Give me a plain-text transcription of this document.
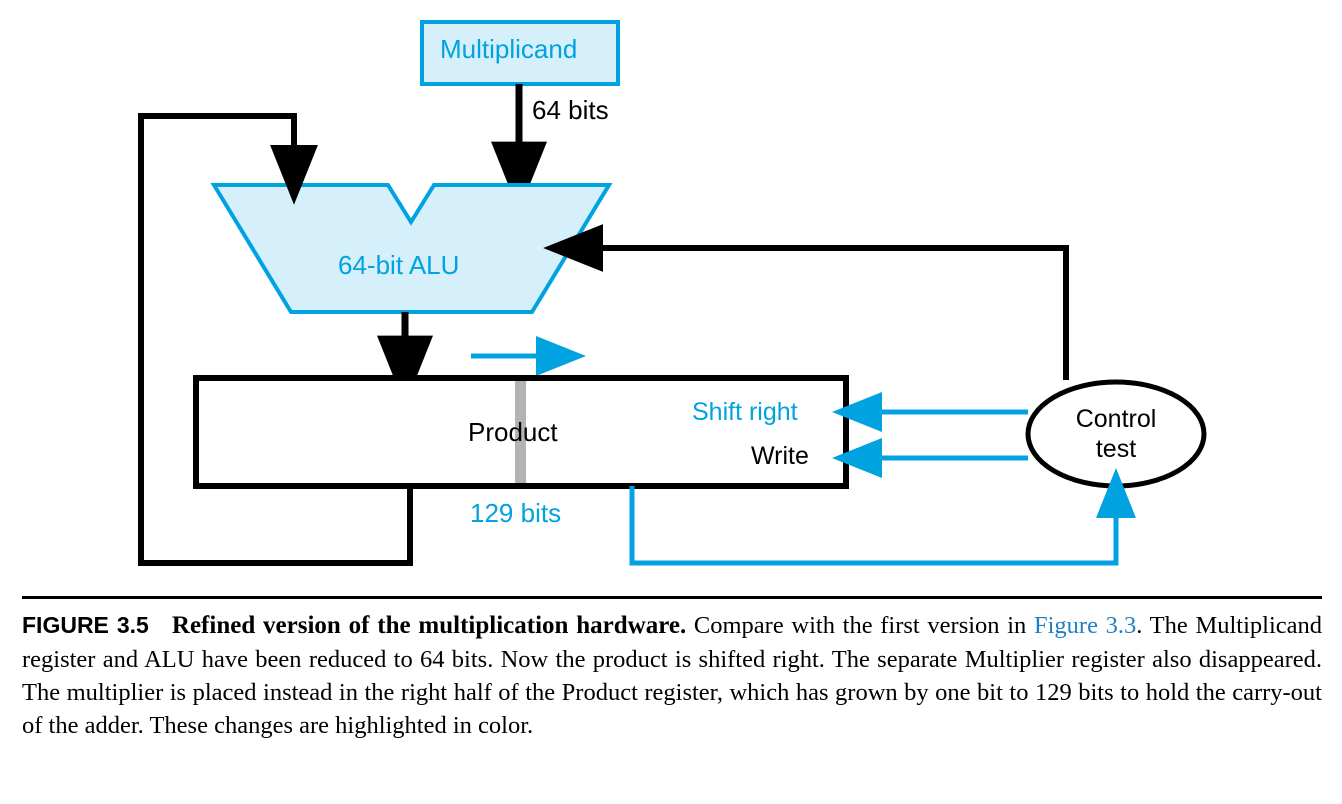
Multiplicand
64 bits
64-bit ALU
Product
Shift right
Write
129 bits
Control
test
FIGURE 3.5 Refined version of the multiplication hardware. Compare with the first version in Figure 3.3. The Multiplicand register and ALU have been reduced to 64 bits. Now the product is shifted right. The separate Multiplier register also disappeared. The multiplier is placed instead in the right half of the Product register, which has grown by one bit to 129 bits to hold the carry-out of the adder. These changes are highlighted in color.
